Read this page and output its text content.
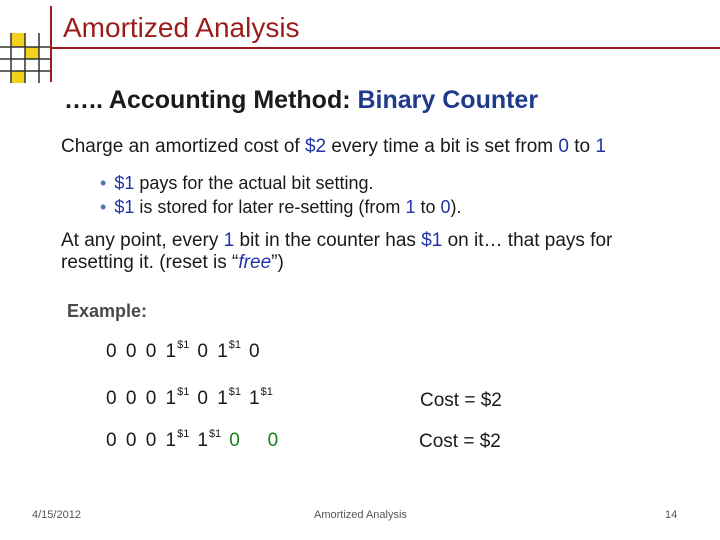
Amortized Analysis
….. Accounting Method: Binary Counter
Charge an amortized cost of $2 every time a bit is set from 0 to 1
• $1 pays for the actual bit setting.
• $1 is stored for later re-setting (from 1 to 0).
At any point, every 1 bit in the counter has $1 on it… that pays for resetting it. (reset is “free”)
Example:
0 0 0 $1^{\$1}$ 0 $1^{\$1}$ 0
0 0 0 $1^{\$1}$ 0 $1^{\$1}$ $1^{\$1}$	Cost = $2
0 0 0 $1^{\$1}$ $1^{\$1}$ 0 0	Cost = $2
4/15/2012	Amortized Analysis	14
